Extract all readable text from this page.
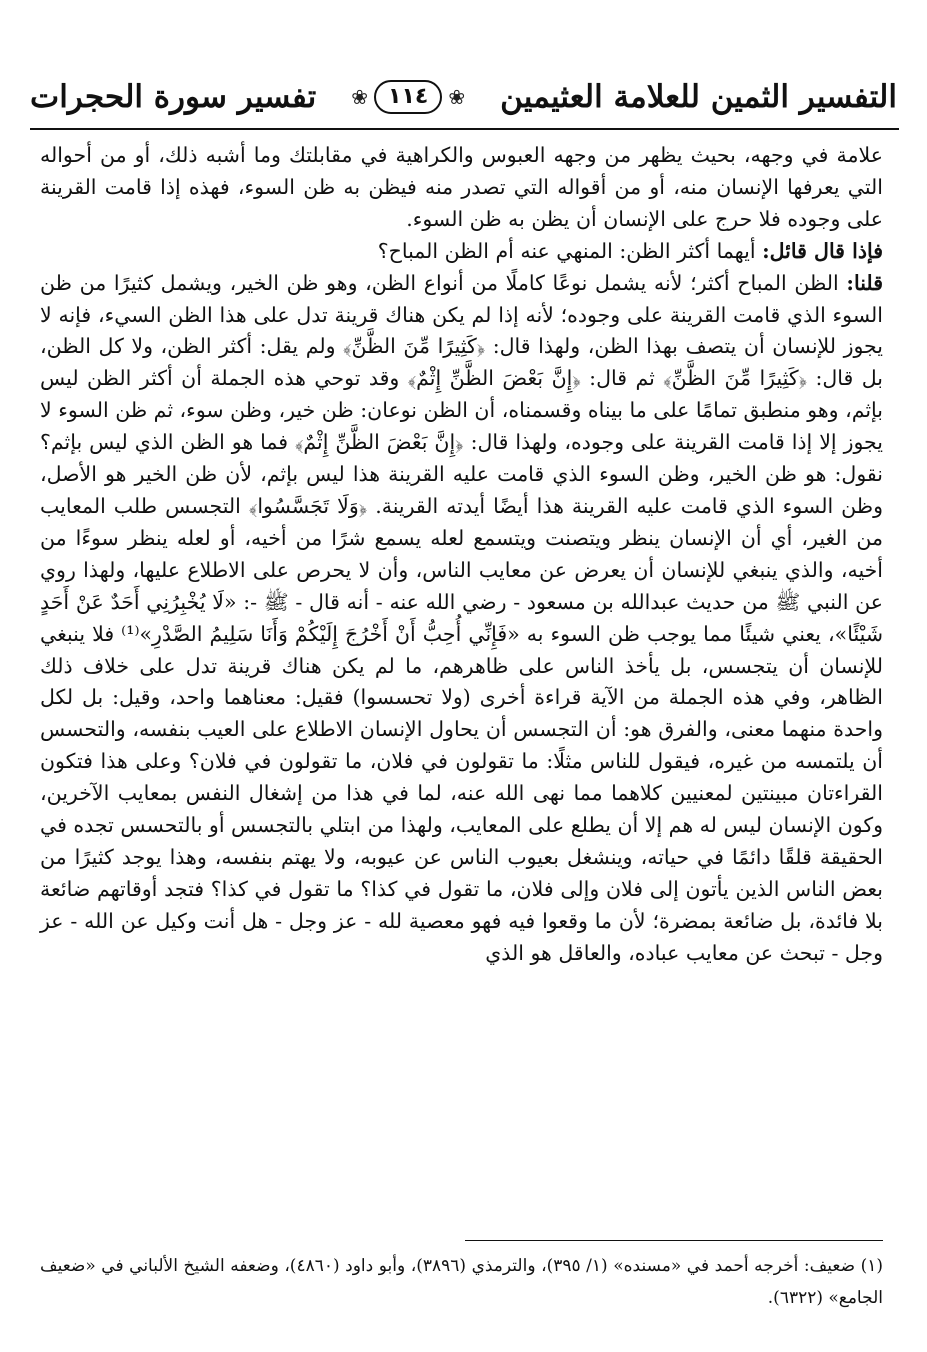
التفسير الثمين للعلامة العثيمين
❀ ١١٤	❀
تفسير سورة الحجرات

علامة في وجهه، بحيث يظهر من وجهه العبوس والكراهية في مقابلتك وما أشبه ذلك، أو من أحواله التي يعرفها الإنسان منه، أو من أقواله التي تصدر منه فيظن به ظن السوء، فهذه إذا قامت القرينة على وجوده فلا حرج على الإنسان أن يظن به ظن السوء.

فإذا قال قائل: أيهما أكثر الظن: المنهي عنه أم الظن المباح؟

قلنا: الظن المباح أكثر؛ لأنه يشمل نوعًا كاملًا من أنواع الظن، وهو ظن الخير، ويشمل كثيرًا من ظن السوء الذي قامت القرينة على وجوده؛ لأنه إذا لم يكن هناك قرينة تدل على هذا الظن السيء، فإنه لا يجوز للإنسان أن يتصف بهذا الظن، ولهذا قال: ﴿كَثِيرًا مِّنَ الظَّنِّ﴾ ولم يقل: أكثر الظن، ولا كل الظن، بل قال: ﴿كَثِيرًا مِّنَ الظَّنِّ﴾ ثم قال: ﴿إِنَّ بَعْضَ الظَّنِّ إِثْمٌ﴾ وقد توحي هذه الجملة أن أكثر الظن ليس بإثم، وهو منطبق تمامًا على ما بيناه وقسمناه، أن الظن نوعان: ظن خير، وظن سوء، ثم ظن السوء لا يجوز إلا إذا قامت القرينة على وجوده، ولهذا قال: ﴿إِنَّ بَعْضَ الظَّنِّ إِثْمٌ﴾ فما هو الظن الذي ليس بإثم؟ نقول: هو ظن الخير، وظن السوء الذي قامت عليه القرينة هذا ليس بإثم، لأن ظن الخير هو الأصل، وظن السوء الذي قامت عليه القرينة هذا أيضًا أيدته القرينة. ﴿وَلَا تَجَسَّسُوا﴾ التجسس طلب المعايب من الغير، أي أن الإنسان ينظر ويتصنت ويتسمع لعله يسمع شرًا من أخيه، أو لعله ينظر سوءًا من أخيه، والذي ينبغي للإنسان أن يعرض عن معايب الناس، وأن لا يحرص على الاطلاع عليها، ولهذا روي عن النبي ﷺ من حديث عبدالله بن مسعود - رضي الله عنه - أنه قال - ﷺ -: «لَا يُخْبِرُنِي أَحَدٌ عَنْ أَحَدٍ شَيْئًا»، يعني شيئًا مما يوجب ظن السوء به «فَإِنِّي أُحِبُّ أَنْ أَخْرُجَ إِلَيْكُمْ وَأَنَا سَلِيمُ الصَّدْرِ»⁽¹⁾ فلا ينبغي للإنسان أن يتجسس، بل يأخذ الناس على ظاهرهم، ما لم يكن هناك قرينة تدل على خلاف ذلك الظاهر، وفي هذه الجملة من الآية قراءة أخرى (ولا تحسسوا) فقيل: معناهما واحد، وقيل: بل لكل واحدة منهما معنى، والفرق هو: أن التجسس أن يحاول الإنسان الاطلاع على العيب بنفسه، والتحسس أن يلتمسه من غيره، فيقول للناس مثلًا: ما تقولون في فلان، ما تقولون في فلان؟ وعلى هذا فتكون القراءتان مبينتين لمعنيين كلاهما مما نهى الله عنه، لما في هذا من إشغال النفس بمعايب الآخرين، وكون الإنسان ليس له هم إلا أن يطلع على المعايب، ولهذا من ابتلي بالتجسس أو بالتحسس تجده في الحقيقة قلقًا دائمًا في حياته، وينشغل بعيوب الناس عن عيوبه، ولا يهتم بنفسه، وهذا يوجد كثيرًا من بعض الناس الذين يأتون إلى فلان وإلى فلان، ما تقول في كذا؟ ما تقول في كذا؟ فتجد أوقاتهم ضائعة بلا فائدة، بل ضائعة بمضرة؛ لأن ما وقعوا فيه فهو معصية لله - عز وجل - هل أنت وكيل عن الله - عز وجل - تبحث عن معايب عباده، والعاقل هو الذي

(١) ضعيف: أخرجه أحمد في «مسنده» (١/ ٣٩٥)، والترمذي (٣٨٩٦)، وأبو داود (٤٨٦٠)، وضعفه الشيخ الألباني في «ضعيف الجامع» (٦٣٢٢).
